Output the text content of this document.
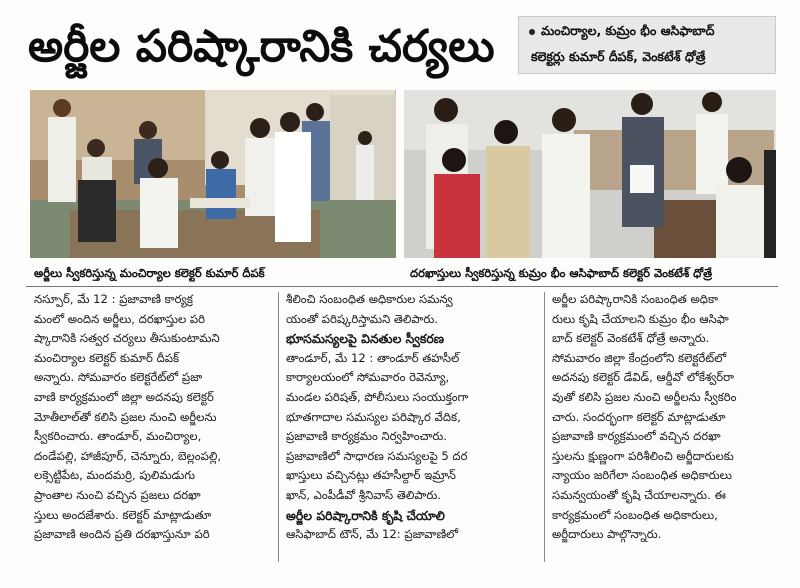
అర్జీల పరిష్కారానికి చర్యలు	మంచిర్యాల, కుమ్రం భీం ఆసిఫాబాద్
కలెక్టర్లు కుమార్ దీపక్, వెంకటేశ్ ధోత్రే
అర్జీలు స్వీకరిస్తున్న మంచిర్యాల కలెక్టర్ కుమార్ దీపక్	దరఖాస్తులు స్వీకరిస్తున్న కుమ్రం భీం ఆసిఫాబాద్ కలెక్టర్ వెంకటేశ్ ధోత్రే
నస్పూర్, మే 12 : ప్రజావాణి కార్యక్ర
మంలో అందిన అర్జీలు, దరఖాస్తుల పరి
ష్కారానికి సత్వర చర్యలు తీసుకుంటామని
మంచిర్యాల కలెక్టర్ కుమార్ దీపక్
అన్నారు. సోమవారం కలెక్టరేట్‌లో ప్రజా
వాణి కార్యక్రమంలో జిల్లా అదనపు కలెక్టర్
మోతీలాల్‌తో కలిసి ప్రజల నుంచి అర్జీలను
స్వీకరించారు. తాండూర్, మంచిర్యాల,
దండేపల్లి, హాజీపూర్, చెన్నూరు, బెల్లంపల్లి,
లక్సెట్టిపేట, మందమర్రి, పులిమడుగు
ప్రాంతాల నుంచి వచ్చిన ప్రజలు దరఖా
స్తులు అందజేశారు. కలెక్టర్ మాట్లాడుతూ
ప్రజావాణి అందిన ప్రతి దరఖాస్తునూ పరి
శీలించి సంబంధిత అధికారుల సమన్వ
యంతో పరిష్కరిస్తామని తెలిపారు.
భూసమస్యలపై వినతుల స్వీకరణ
తాండూర్, మే 12 : తాండూర్ తహసీల్
కార్యాలయంలో సోమవారం రెవెన్యూ,
మండల పరిషత్, పోలీసులు సంయుక్తంగా
భూతగాదాల సమస్యల పరిష్కార వేదిక,
ప్రజావాణి కార్యక్రమం నిర్వహించారు.
ప్రజావాణిలో సాధారణ సమస్యలపై 5 దర
ఖాస్తులు వచ్చినట్లు తహసీల్దార్ ఇమ్రాన్
ఖాన్, ఎంపీడీవో శ్రీనివాస్ తెలిపారు.
అర్జీల పరిష్కారానికి కృషి చేయాలి
ఆసిఫాబాద్ టౌన్, మే 12: ప్రజావాణిలో
అర్జీల పరిష్కారానికి సంబంధిత అధికా
రులు కృషి చేయాలని కుమ్రం భీం ఆసిఫా
బాద్ కలెక్టర్ వెంకటేశ్ ధోత్రే అన్నారు.
సోమవారం జిల్లా కేంద్రంలోని కలెక్టరేట్‌లో
అదనపు కలెక్టర్ డేవిడ్, ఆర్డీవో లోకేశ్వర్‌రా
వుతో కలిసి ప్రజల నుంచి అర్జీలను స్వీకరిం
చారు. సందర్భంగా కలెక్టర్ మాట్లాడుతూ
ప్రజావాణి కార్యక్రమంలో వచ్చిన దరఖా
స్తులను క్షుణ్ణంగా పరిశీలించి అర్జీదారులకు
న్యాయం జరిగేలా సంబంధిత అధికారులు
సమన్వయంతో కృషి చేయాలన్నారు. ఈ
కార్యక్రమంలో సంబంధిత అధికారులు,
అర్జీదారులు పాల్గొన్నారు.
